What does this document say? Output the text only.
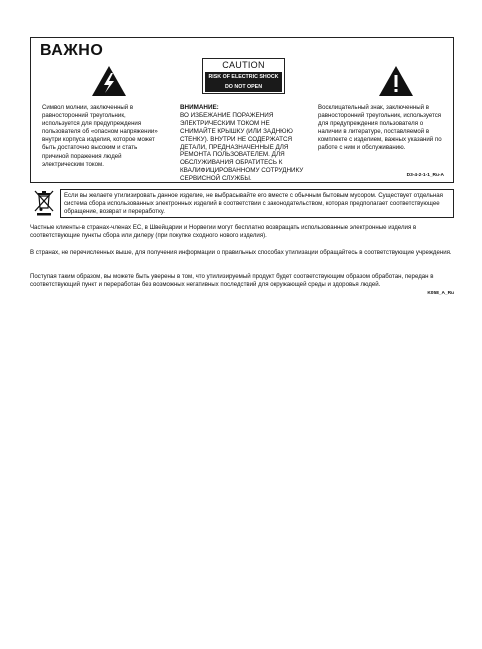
ВАЖНО
CAUTION
RISK OF ELECTRIC SHOCK
DO NOT OPEN
Символ молнии, заключенный в равносторонний треугольник, используется для предупреждения пользователя об «опасном напряжении» внутри корпуса изделия, которое может быть достаточно высоким и стать причиной поражения людей электрическим током.
ВНИМАНИЕ:
ВО ИЗБЕЖАНИЕ ПОРАЖЕНИЯ ЭЛЕКТРИЧЕСКИМ ТОКОМ НЕ СНИМАЙТЕ КРЫШКУ (ИЛИ ЗАДНЮЮ СТЕНКУ). ВНУТРИ НЕ СОДЕРЖАТСЯ ДЕТАЛИ, ПРЕДНАЗНАЧЕННЫЕ ДЛЯ РЕМОНТА ПОЛЬЗОВАТЕЛЕМ. ДЛЯ ОБСЛУЖИВАНИЯ ОБРАТИТЕСЬ К КВАЛИФИЦИРОВАННОМУ СОТРУДНИКУ СЕРВИСНОЙ СЛУЖБЫ.
Восклицательный знак, заключенный в равносторонний треугольник, используется для предупреждения пользователя о наличии в литературе, поставляемой в комплекте с изделием, важных указаний по работе с ним и обслуживанию.
D3-4-2-1-1_Ru-A
Если вы желаете утилизировать данное изделие, не выбрасывайте его вместе с обычным бытовым мусором. Существует отдельная система сбора использованных электронных изделий в соответствии с законодательством, которая предполагает соответствующее обращение, возврат и переработку.
Частные клиенты-в странах-членах ЕС, в Швейцарии и Норвегии могут бесплатно возвращать использованные электронные изделия в соответствующие пункты сбора или дилеру (при покупке сходного нового изделия).
В странах, не перечисленных выше, для получения информации о правильных способах утилизации обращайтесь в соответствующие учреждения.
Поступая таким образом, вы можете быть уверены в том, что утилизируемый продукт будет соответствующим образом обработан, передан в соответствующий пункт и переработан без возможных негативных последствий для окружающей среды и здоровья людей.
K058_A_Ru
